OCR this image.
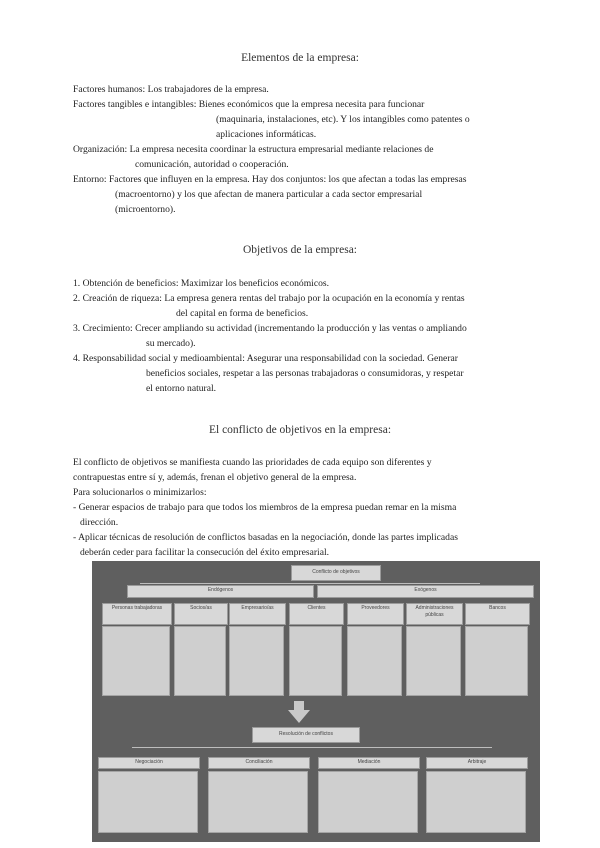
Elementos de la empresa:
Factores humanos: Los trabajadores de la empresa.
Factores tangibles e intangibles: Bienes económicos que la empresa necesita para funcionar
(maquinaria, instalaciones, etc). Y los intangibles como patentes o
aplicaciones informáticas.
Organización: La empresa necesita coordinar la estructura empresarial mediante relaciones de
comunicación, autoridad o cooperación.
Entorno: Factores que influyen en la empresa. Hay dos conjuntos: los que afectan a todas las empresas
(macroentorno) y los que afectan de manera particular a cada sector empresarial
(microentorno).
Objetivos de la empresa:
1. Obtención de beneficios: Maximizar los beneficios económicos.
2. Creación de riqueza: La empresa genera rentas del trabajo por la ocupación en la economía y rentas
del capital en forma de beneficios.
3. Crecimiento: Crecer ampliando su actividad (incrementando la producción y las ventas o ampliando
su mercado).
4. Responsabilidad social y medioambiental: Asegurar una responsabilidad con la sociedad. Generar
beneficios sociales, respetar a las personas trabajadoras o consumidoras, y respetar
el entorno natural.
El conflicto de objetivos en la empresa:
El conflicto de objetivos se manifiesta cuando las prioridades de cada equipo son diferentes y
contrapuestas entre sí y, además, frenan el objetivo general de la empresa.
Para solucionarlos o minimizarlos:
- Generar espacios de trabajo para que todos los miembros de la empresa puedan remar en la misma
dirección.
- Aplicar técnicas de resolución de conflictos basadas en la negociación, donde las partes implicadas
deberán ceder para facilitar la consecución del éxito empresarial.
Conflicto de objetivos
Endógenos	Exógenos
Personas trabajadoras	Socios/as	Empresario/as	Clientes	Proveedores	Administraciones públicas
Bancos
Resolución de conflictos
Negociación	Conciliación	Mediación	Arbitraje
